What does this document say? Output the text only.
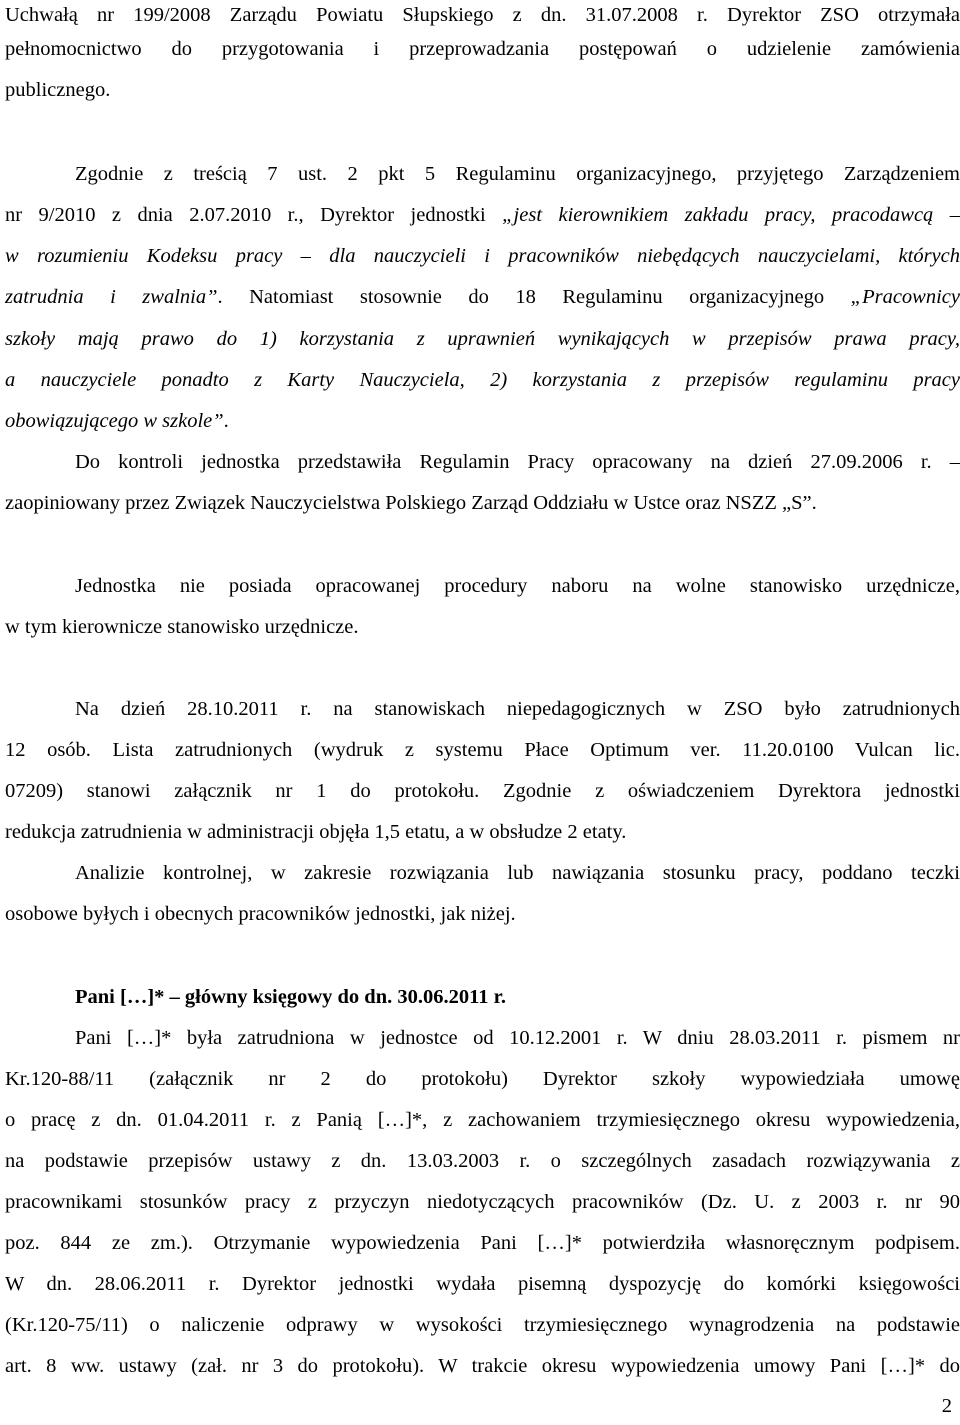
Uchwałą nr 199/2008 Zarządu Powiatu Słupskiego z dn. 31.07.2008 r. Dyrektor ZSO otrzymała
pełnomocnictwo do przygotowania i przeprowadzania postępowań o udzielenie zamówienia
publicznego.
Zgodnie z treścią 7 ust. 2 pkt 5 Regulaminu organizacyjnego, przyjętego Zarządzeniem
nr 9/2010 z dnia 2.07.2010 r., Dyrektor jednostki „jest kierownikiem zakładu pracy, pracodawcą –
w rozumieniu Kodeksu pracy – dla nauczycieli i pracowników niebędących nauczycielami, których
zatrudnia i zwalnia”. Natomiast stosownie do 18 Regulaminu organizacyjnego „Pracownicy
szkoły mają prawo do 1) korzystania z uprawnień wynikających w przepisów prawa pracy,
a nauczyciele ponadto z Karty Nauczyciela, 2) korzystania z przepisów regulaminu pracy
obowiązującego w szkole”.
Do kontroli jednostka przedstawiła Regulamin Pracy opracowany na dzień 27.09.2006 r. –
zaopiniowany przez Związek Nauczycielstwa Polskiego Zarząd Oddziału w Ustce oraz NSZZ „S”.
Jednostka nie posiada opracowanej procedury naboru na wolne stanowisko urzędnicze,
w tym kierownicze stanowisko urzędnicze.
Na dzień 28.10.2011 r. na stanowiskach niepedagogicznych w ZSO było zatrudnionych
12 osób. Lista zatrudnionych (wydruk z systemu Płace Optimum ver. 11.20.0100 Vulcan lic.
07209) stanowi załącznik nr 1 do protokołu. Zgodnie z oświadczeniem Dyrektora jednostki
redukcja zatrudnienia w administracji objęła 1,5 etatu, a w obsłudze 2 etaty.
Analizie kontrolnej, w zakresie rozwiązania lub nawiązania stosunku pracy, poddano teczki
osobowe byłych i obecnych pracowników jednostki, jak niżej.
Pani […]* – główny księgowy do dn. 30.06.2011 r.
Pani […]* była zatrudniona w jednostce od 10.12.2001 r. W dniu 28.03.2011 r. pismem nr
Kr.120-88/11 (załącznik nr 2 do protokołu) Dyrektor szkoły wypowiedziała umowę
o pracę z dn. 01.04.2011 r. z Panią […]*, z zachowaniem trzymiesięcznego okresu wypowiedzenia,
na podstawie przepisów ustawy z dn. 13.03.2003 r. o szczególnych zasadach rozwiązywania z
pracownikami stosunków pracy z przyczyn niedotyczących pracowników (Dz. U. z 2003 r. nr 90
poz. 844 ze zm.). Otrzymanie wypowiedzenia Pani […]* potwierdziła własnoręcznym podpisem.
W dn. 28.06.2011 r. Dyrektor jednostki wydała pisemną dyspozycję do komórki księgowości
(Kr.120-75/11) o naliczenie odprawy w wysokości trzymiesięcznego wynagrodzenia na podstawie
art. 8 ww. ustawy (zał. nr 3 do protokołu). W trakcie okresu wypowiedzenia umowy Pani […]* do
2
